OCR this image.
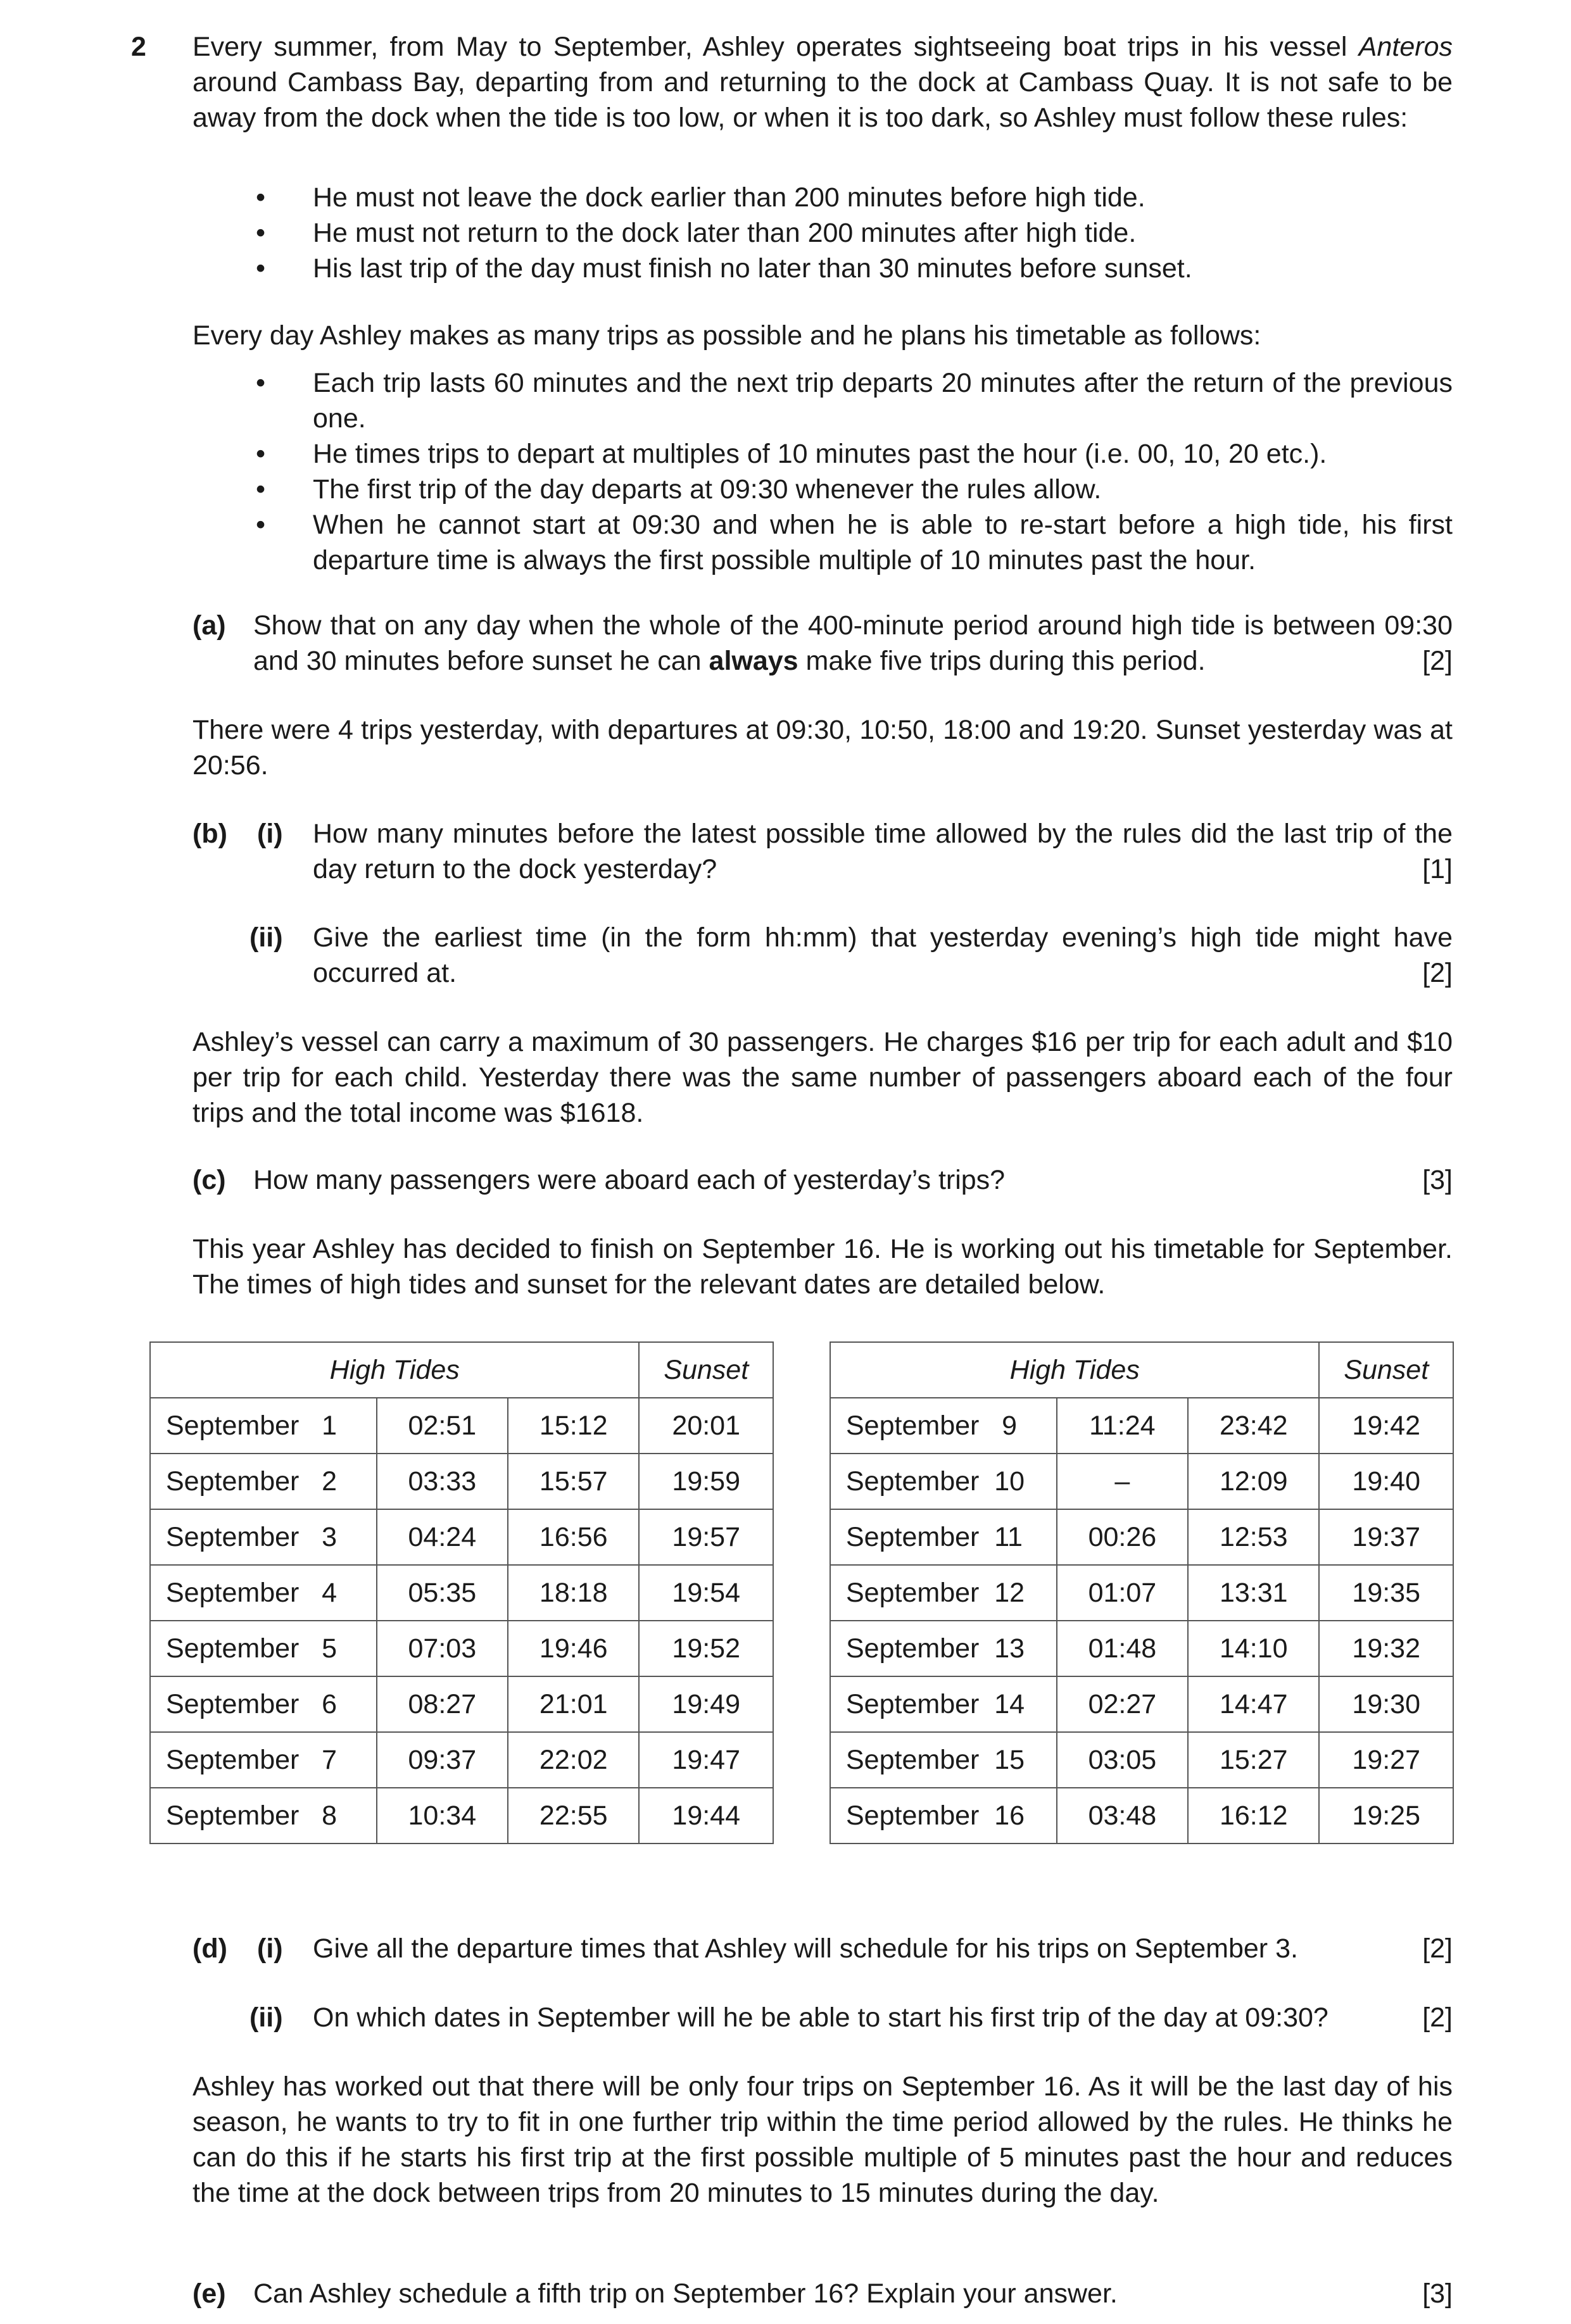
2 Every summer, from May to September, Ashley operates sightseeing boat trips in his vessel Anteros around Cambass Bay, departing from and returning to the dock at Cambass Quay. It is not safe to be away from the dock when the tide is too low, or when it is too dark, so Ashley must follow these rules:
• He must not leave the dock earlier than 200 minutes before high tide.
• He must not return to the dock later than 200 minutes after high tide.
• His last trip of the day must finish no later than 30 minutes before sunset.
Every day Ashley makes as many trips as possible and he plans his timetable as follows:
• Each trip lasts 60 minutes and the next trip departs 20 minutes after the return of the previous one.
• He times trips to depart at multiples of 10 minutes past the hour (i.e. 00, 10, 20 etc.).
• The first trip of the day departs at 09:30 whenever the rules allow.
• When he cannot start at 09:30 and when he is able to re-start before a high tide, his first departure time is always the first possible multiple of 10 minutes past the hour.
(a) Show that on any day when the whole of the 400-minute period around high tide is between 09:30 and 30 minutes before sunset he can always make five trips during this period.	[2]
There were 4 trips yesterday, with departures at 09:30, 10:50, 18:00 and 19:20. Sunset yesterday was at 20:56.
(b) (i) How many minutes before the latest possible time allowed by the rules did the last trip of the day return to the dock yesterday?	[1]
(ii) Give the earliest time (in the form hh:mm) that yesterday evening’s high tide might have occurred at.	[2]
Ashley’s vessel can carry a maximum of 30 passengers. He charges $16 per trip for each adult and $10 per trip for each child. Yesterday there was the same number of passengers aboard each of the four trips and the total income was $1618.
(c) How many passengers were aboard each of yesterday’s trips?	[3]
This year Ashley has decided to finish on September 16. He is working out his timetable for September. The times of high tides and sunset for the relevant dates are detailed below.
High Tides			Sunset
September   1	02:51	15:12	20:01
September   2	03:33	15:57	19:59
September   3	04:24	16:56	19:57
September   4	05:35	18:18	19:54
September   5	07:03	19:46	19:52
September   6	08:27	21:01	19:49
September   7	09:37	22:02	19:47
September   8	10:34	22:55	19:44
High Tides			Sunset
September   9	11:24	23:42	19:42
September  10	–	12:09	19:40
September  11	00:26	12:53	19:37
September  12	01:07	13:31	19:35
September  13	01:48	14:10	19:32
September  14	02:27	14:47	19:30
September  15	03:05	15:27	19:27
September  16	03:48	16:12	19:25
(d) (i) Give all the departure times that Ashley will schedule for his trips on September 3.	[2]
(ii) On which dates in September will he be able to start his first trip of the day at 09:30?	[2]
Ashley has worked out that there will be only four trips on September 16. As it will be the last day of his season, he wants to try to fit in one further trip within the time period allowed by the rules. He thinks he can do this if he starts his first trip at the first possible multiple of 5 minutes past the hour and reduces the time at the dock between trips from 20 minutes to 15 minutes during the day.
(e) Can Ashley schedule a fifth trip on September 16? Explain your answer.	[3]
